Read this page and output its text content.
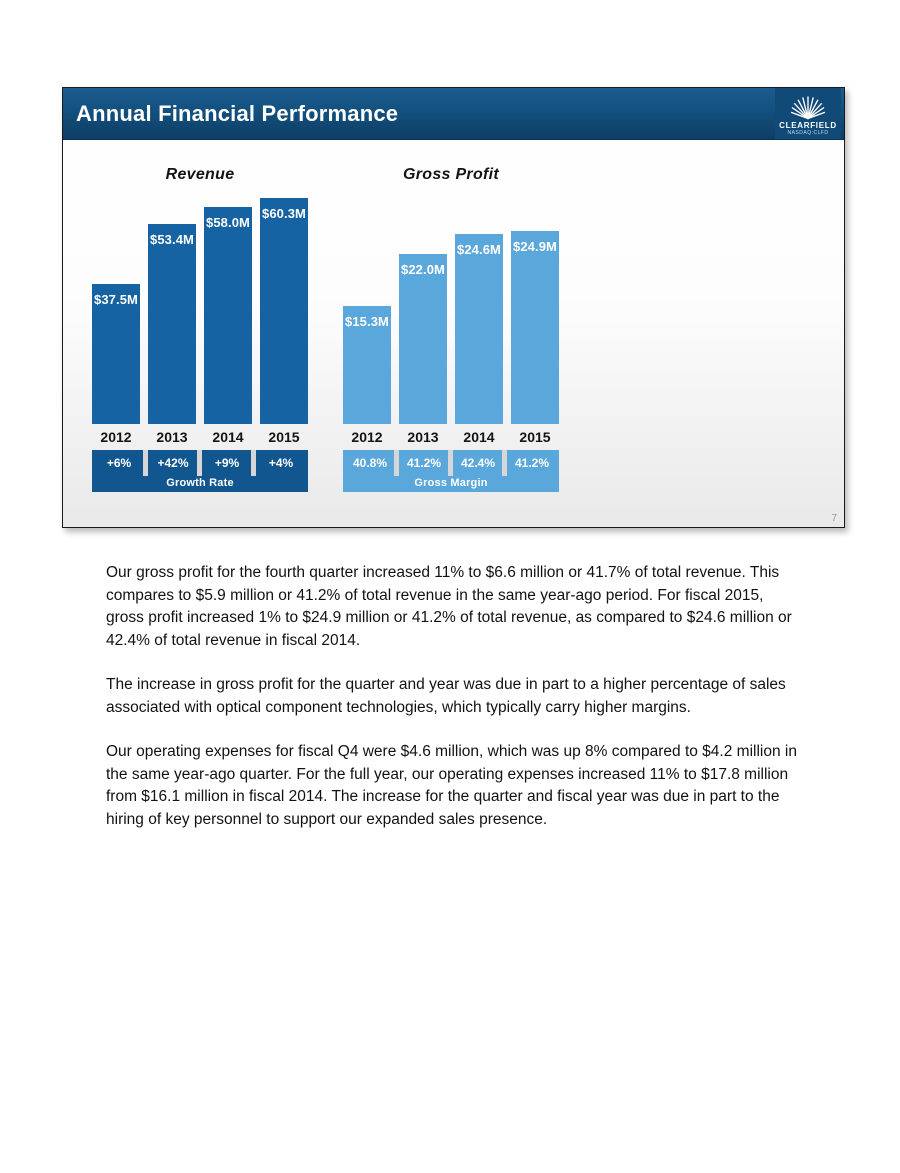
Annual Financial Performance	CLEARFIELD
NASDAQ:CLFD
Revenue
$37.5M
$53.4M
$58.0M
$60.3M
2012	2013	2014	2015
+6%	+42%	+9%	+4%
Growth Rate
Gross Profit
$15.3M
$22.0M
$24.6M $24.9M
2012	2013	2014	2015
40.8%	41.2%	42.4%	41.2%
Gross Margin
7

Our gross profit for the fourth quarter increased 11% to $6.6 million or 41.7% of total revenue. This compares to $5.9 million or 41.2% of total revenue in the same year-ago period. For fiscal 2015, gross profit increased 1% to $24.9 million or 41.2% of total revenue, as compared to $24.6 million or 42.4% of total revenue in fiscal 2014.

The increase in gross profit for the quarter and year was due in part to a higher percentage of sales associated with optical component technologies, which typically carry higher margins.

Our operating expenses for fiscal Q4 were $4.6 million, which was up 8% compared to $4.2 million in the same year-ago quarter. For the full year, our operating expenses increased 11% to $17.8 million from $16.1 million in fiscal 2014. The increase for the quarter and fiscal year was due in part to the hiring of key personnel to support our expanded sales presence.
